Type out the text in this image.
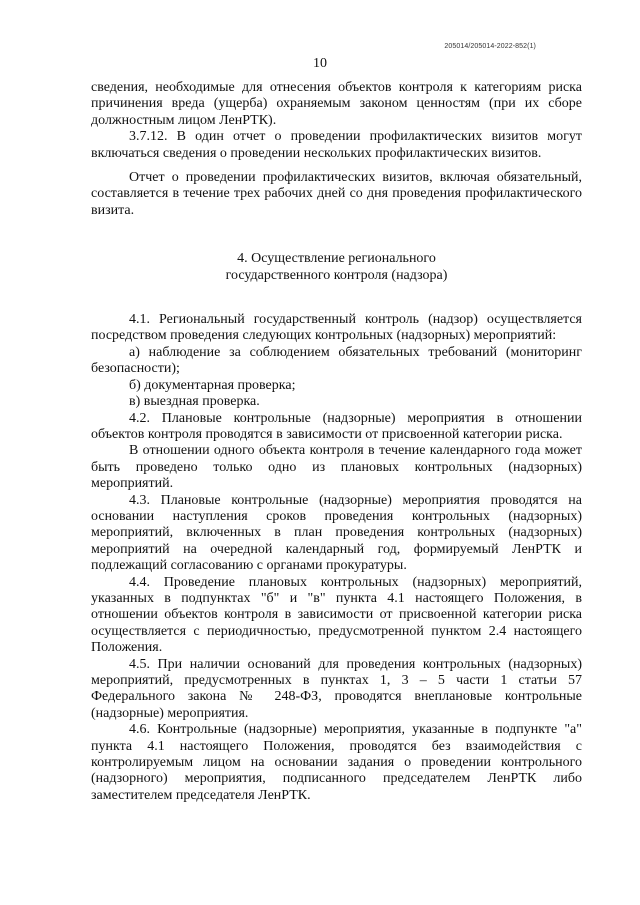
205014/205014-2022-852(1)
10

сведения, необходимые для отнесения объектов контроля к категориям риска причинения вреда (ущерба) охраняемым законом ценностям (при их сборе должностным лицом ЛенРТК).

3.7.12. В один отчет о проведении профилактических визитов могут включаться сведения о проведении нескольких профилактических визитов.

Отчет о проведении профилактических визитов, включая обязательный, составляется в течение трех рабочих дней со дня проведения профилактического визита.

4. Осуществление регионального
государственного контроля (надзора)

4.1. Региональный государственный контроль (надзор) осуществляется посредством проведения следующих контрольных (надзорных) мероприятий:

а) наблюдение за соблюдением обязательных требований (мониторинг безопасности);

б) документарная проверка;

в) выездная проверка.

4.2. Плановые контрольные (надзорные) мероприятия в отношении объектов контроля проводятся в зависимости от присвоенной категории риска.

В отношении одного объекта контроля в течение календарного года может быть проведено только одно из плановых контрольных (надзорных) мероприятий.

4.3. Плановые контрольные (надзорные) мероприятия проводятся на основании наступления сроков проведения контрольных (надзорных) мероприятий, включенных в план проведения контрольных (надзорных) мероприятий на очередной календарный год, формируемый ЛенРТК и подлежащий согласованию с органами прокуратуры.

4.4. Проведение плановых контрольных (надзорных) мероприятий, указанных в подпунктах "б" и "в" пункта 4.1 настоящего Положения, в отношении объектов контроля в зависимости от присвоенной категории риска осуществляется с периодичностью, предусмотренной пунктом 2.4 настоящего Положения.

4.5. При наличии оснований для проведения контрольных (надзорных) мероприятий, предусмотренных в пунктах 1, 3 – 5 части 1 статьи 57 Федерального закона № 248-ФЗ, проводятся внеплановые контрольные (надзорные) мероприятия.

4.6. Контрольные (надзорные) мероприятия, указанные в подпункте "а" пункта 4.1 настоящего Положения, проводятся без взаимодействия с контролируемым лицом на основании задания о проведении контрольного (надзорного) мероприятия, подписанного председателем ЛенРТК либо заместителем председателя ЛенРТК.
